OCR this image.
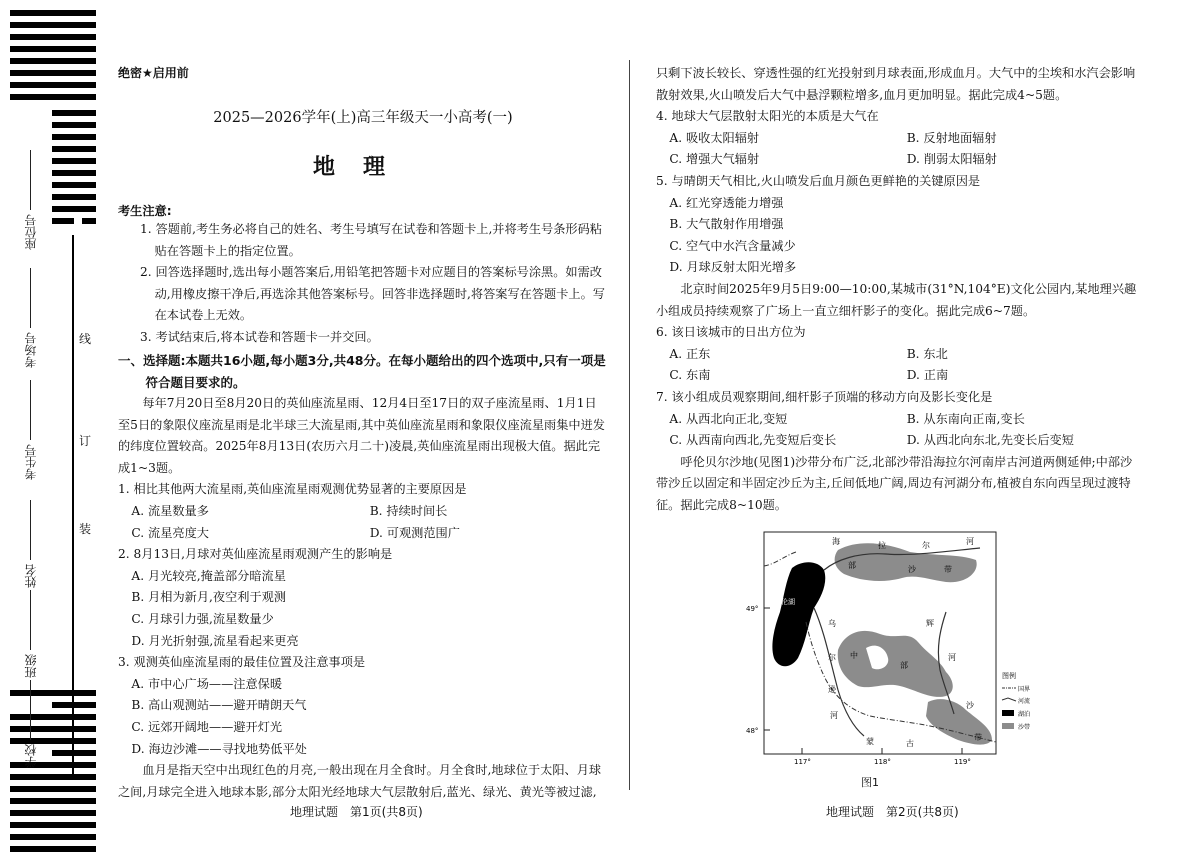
座位号
考场号
考生号
姓名
班级
学校
线
订
装
绝密★启用前
2025—2026学年(上)高三年级天一小高考(一)
地理
考生注意:

1. 答题前,考生务必将自己的姓名、考生号填写在试卷和答题卡上,并将考生号条形码粘贴在答题卡上的指定位置。

2. 回答选择题时,选出每小题答案后,用铅笔把答题卡对应题目的答案标号涂黑。如需改动,用橡皮擦干净后,再选涂其他答案标号。回答非选择题时,将答案写在答题卡上。写在本试卷上无效。

3. 考试结束后,将本试卷和答题卡一并交回。

一、选择题:本题共16小题,每小题3分,共48分。在每小题给出的四个选项中,只有一项是
符合题目要求的。

每年7月20日至8月20日的英仙座流星雨、12月4日至17日的双子座流星雨、1月1日至5日的象限仪座流星雨是北半球三大流星雨,其中英仙座流星雨和象限仪座流星雨集中迸发的纬度位置较高。2025年8月13日(农历六月二十)凌晨,英仙座流星雨出现极大值。据此完成1~3题。

1. 相比其他两大流星雨,英仙座流星雨观测优势显著的主要原因是

A. 流星数量多	B. 持续时间长
C. 流星亮度大	D. 可观测范围广

2. 8月13日,月球对英仙座流星雨观测产生的影响是

A. 月光较亮,掩盖部分暗流星

B. 月相为新月,夜空利于观测

C. 月球引力强,流星数量少

D. 月光折射强,流星看起来更亮

3. 观测英仙座流星雨的最佳位置及注意事项是

A. 市中心广场——注意保暖

B. 高山观测站——避开晴朗天气

C. 远郊开阔地——避开灯光

D. 海边沙滩——寻找地势低平处

血月是指天空中出现红色的月亮,一般出现在月全食时。月全食时,地球位于太阳、月球之间,月球完全进入地球本影,部分太阳光经地球大气层散射后,蓝光、绿光、黄光等被过滤,

地理试题　第1页(共8页)

只剩下波长较长、穿透性强的红光投射到月球表面,形成血月。大气中的尘埃和水汽会影响散射效果,火山喷发后大气中悬浮颗粒增多,血月更加明显。据此完成4~5题。

4. 地球大气层散射太阳光的本质是大气在

A. 吸收太阳辐射	B. 反射地面辐射
C. 增强大气辐射	D. 削弱太阳辐射

5. 与晴朗天气相比,火山喷发后血月颜色更鲜艳的关键原因是

A. 红光穿透能力增强

B. 大气散射作用增强

C. 空气中水汽含量减少

D. 月球反射太阳光增多

北京时间2025年9月5日9:00—10:00,某城市(31°N,104°E)文化公园内,某地理兴趣小组成员持续观察了广场上一直立细杆影子的变化。据此完成6~7题。

6. 该日该城市的日出方位为

A. 正东	B. 东北
C. 东南	D. 正南

7. 该小组成员观察期间,细杆影子顶端的移动方向及影长变化是

A. 从西北向正北,变短	B. 从东南向正南,变长
C. 从西南向西北,先变短后变长	D. 从西北向东北,先变长后变短

呼伦贝尔沙地(见图1)沙带分布广泛,北部沙带沿海拉尔河南岸古河道两侧延伸;中部沙带沙丘以固定和半固定沙丘为主,丘间低地广阔,周边有河湖分布,植被自东向西呈现过渡特征。据此完成8~10题。

呼伦湖
海	拉	尔	河
部	沙	带
乌
尔
逊
河
中
部
辉
河
沙
带
蒙	古
49°
48°
117°	118°	119°
图例
国界
河流
湖泊
沙带
图1
地理试题　第2页(共8页)
